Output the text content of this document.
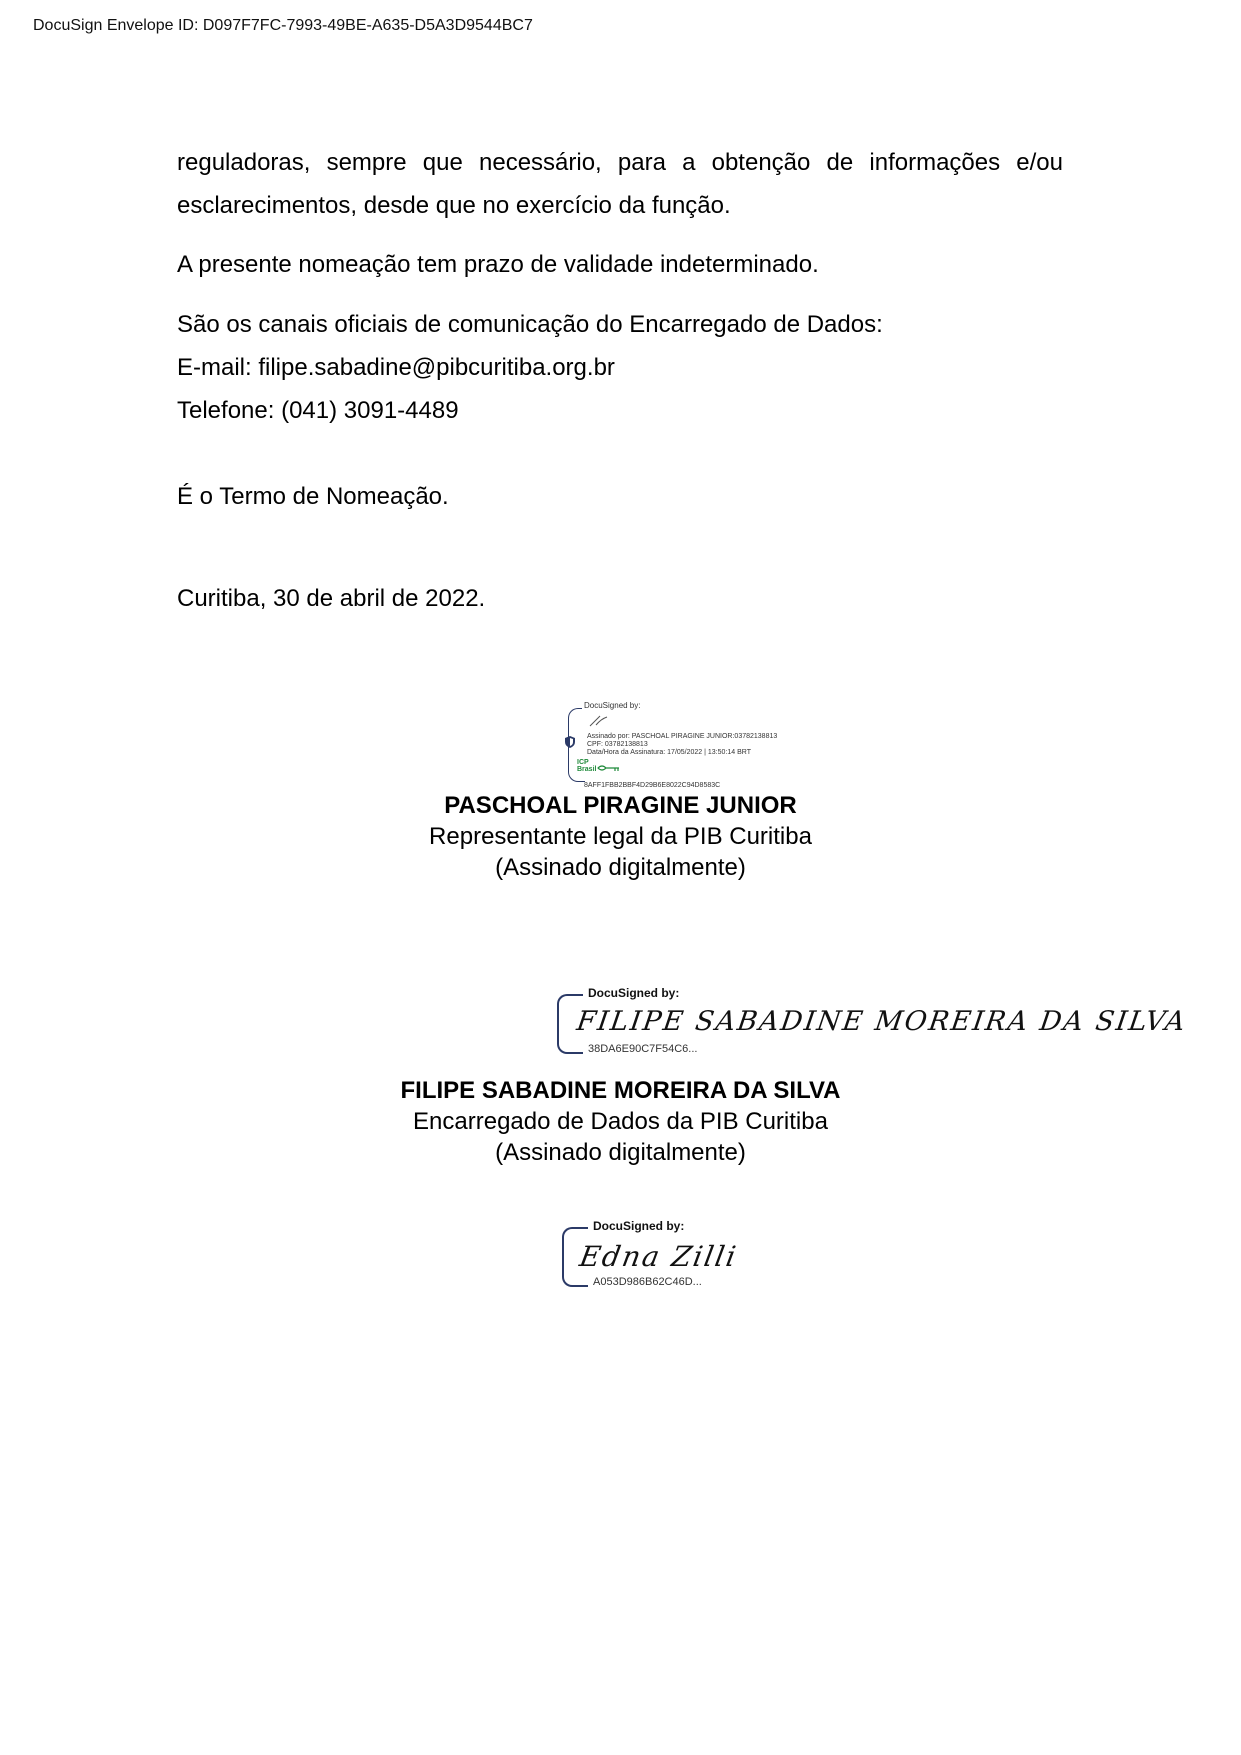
DocuSign Envelope ID: D097F7FC-7993-49BE-A635-D5A3D9544BC7
reguladoras, sempre que necessário, para a obtenção de informações e/ou esclarecimentos, desde que no exercício da função.
A presente nomeação tem prazo de validade indeterminado.
São os canais oficiais de comunicação do Encarregado de Dados:
E-mail: filipe.sabadine@pibcuritiba.org.br
Telefone: (041) 3091-4489
É o Termo de Nomeação.
Curitiba, 30 de abril de 2022.
DocuSigned by:
Assinado por: PASCHOAL PIRAGINE JUNIOR:03782138813
CPF: 03782138813
Data/Hora da Assinatura: 17/05/2022 | 13:50:14 BRT
ICP Brasil
8AFF1FBB2BBF4D29B6E8022C94D8583C
PASCHOAL PIRAGINE JUNIOR
Representante legal da PIB Curitiba
(Assinado digitalmente)
DocuSigned by:
FILIPE SABADINE MOREIRA DA SILVA
38DA6E90C7F54C6...
FILIPE SABADINE MOREIRA DA SILVA
Encarregado de Dados da PIB Curitiba
(Assinado digitalmente)
DocuSigned by:
Edna Zilli
A053D986B62C46D...
